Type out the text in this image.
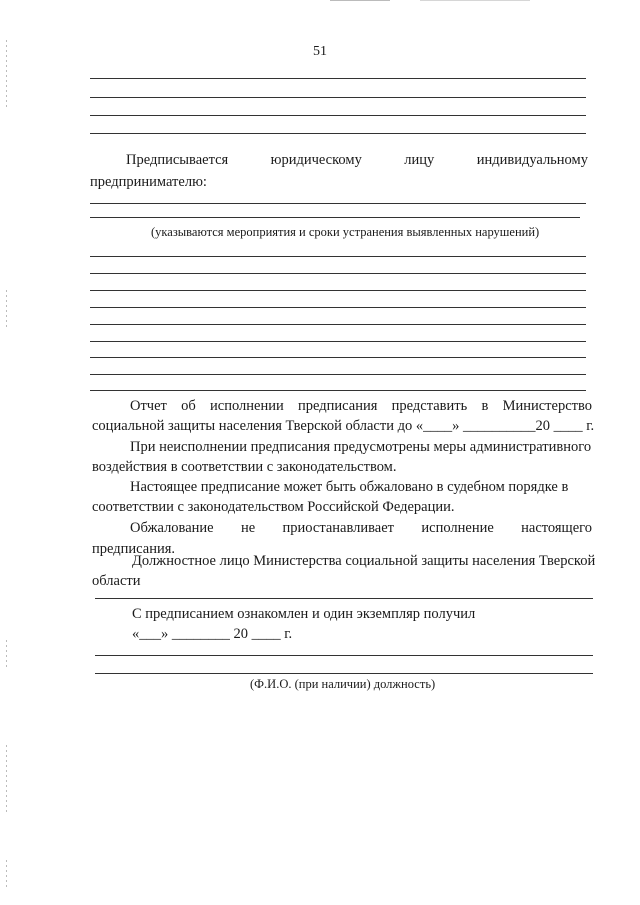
51
Предписывается	юридическому	лицу	индивидуальному
предпринимателю:
(указываются мероприятия и сроки устранения выявленных нарушений)
Отчет об исполнении предписания представить в Министерство
социальной защиты населения Тверской области до «____» __________20 ____ г.
При неисполнении предписания предусмотрены меры административного
воздействия в соответствии с законодательством.
Настоящее предписание может быть обжаловано в судебном порядке в
соответствии с законодательством Российской Федерации.
Обжалование не приостанавливает исполнение настоящего
предписания.
Должностное лицо Министерства социальной защиты населения Тверской
области
С предписанием ознакомлен и один экземпляр получил
«___» ________ 20 ____ г.
(Ф.И.О. (при наличии) должность)
